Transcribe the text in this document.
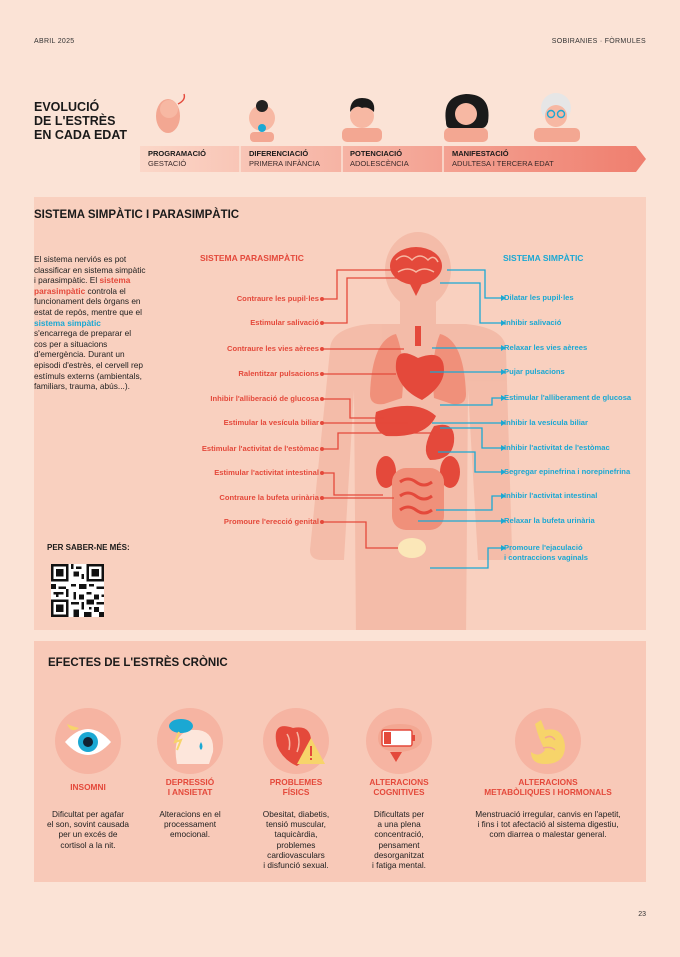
ABRIL 2025	SOBIRANIES · FÒRMULES
EVOLUCIÓ
DE L'ESTRÈS
EN CADA EDAT
PROGRAMACIÓ
GESTACIÓ
DIFERENCIACIÓ
PRIMERA INFÀNCIA
POTENCIACIÓ
ADOLESCÈNCIA
MANIFESTACIÓ
ADULTESA I TERCERA EDAT
SISTEMA SIMPÀTIC I PARASIMPÀTIC
El sistema nerviós es pot classificar en sistema simpàtic i parasimpàtic. El sistema parasimpàtic controla el funcionament dels òrgans en estat de repòs, mentre que el sistema simpàtic s'encarrega de preparar el cos per a situacions d'emergència. Durant un episodi d'estrès, el cervell rep estímuls externs (ambientals, familiars, trauma, abús...).
SISTEMA PARASIMPÀTIC	SISTEMA SIMPÀTIC
Contraure les pupil·les
Estimular salivació
Contraure les vies aèrees
Ralentitzar pulsacions
Inhibir l'alliberació de glucosa
Estimular la vesícula biliar
Estimular l'activitat de l'estòmac
Estimular l'activitat intestinal
Contraure la bufeta urinària
Promoure l'erecció genital
Dilatar les pupil·les
Inhibir salivació
Relaxar les vies aèrees
Pujar pulsacions
Estimular l'alliberament de glucosa
Inhibir la vesícula biliar
Inhibir l'activitat de l'estòmac
Segregar epinefrina i norepinefrina
Inhibir l'activitat intestinal
Relaxar la bufeta urinària
Promoure l'ejaculació
i contraccions vaginals
PER SABER-NE MÉS:
EFECTES DE L'ESTRÈS CRÒNIC
INSOMNI	DEPRESSIÓ
I ANSIETAT
PROBLEMES
FÍSICS
ALTERACIONS
COGNITIVES
ALTERACIONS
METABÒLIQUES I HORMONALS
Dificultat per agafar
el son, sovint causada
per un excés de
cortisol a la nit.
Alteracions en el
processament
emocional.
Obesitat, diabetis,
tensió muscular,
taquicàrdia,
problemes
cardiovasculars
i disfunció sexual.
Dificultats per
a una plena
concentració,
pensament
desorganitzat
i fatiga mental.
Menstruació irregular, canvis en l'apetit,
i fins i tot afectació al sistema digestiu,
com diarrea o malestar general.
23
